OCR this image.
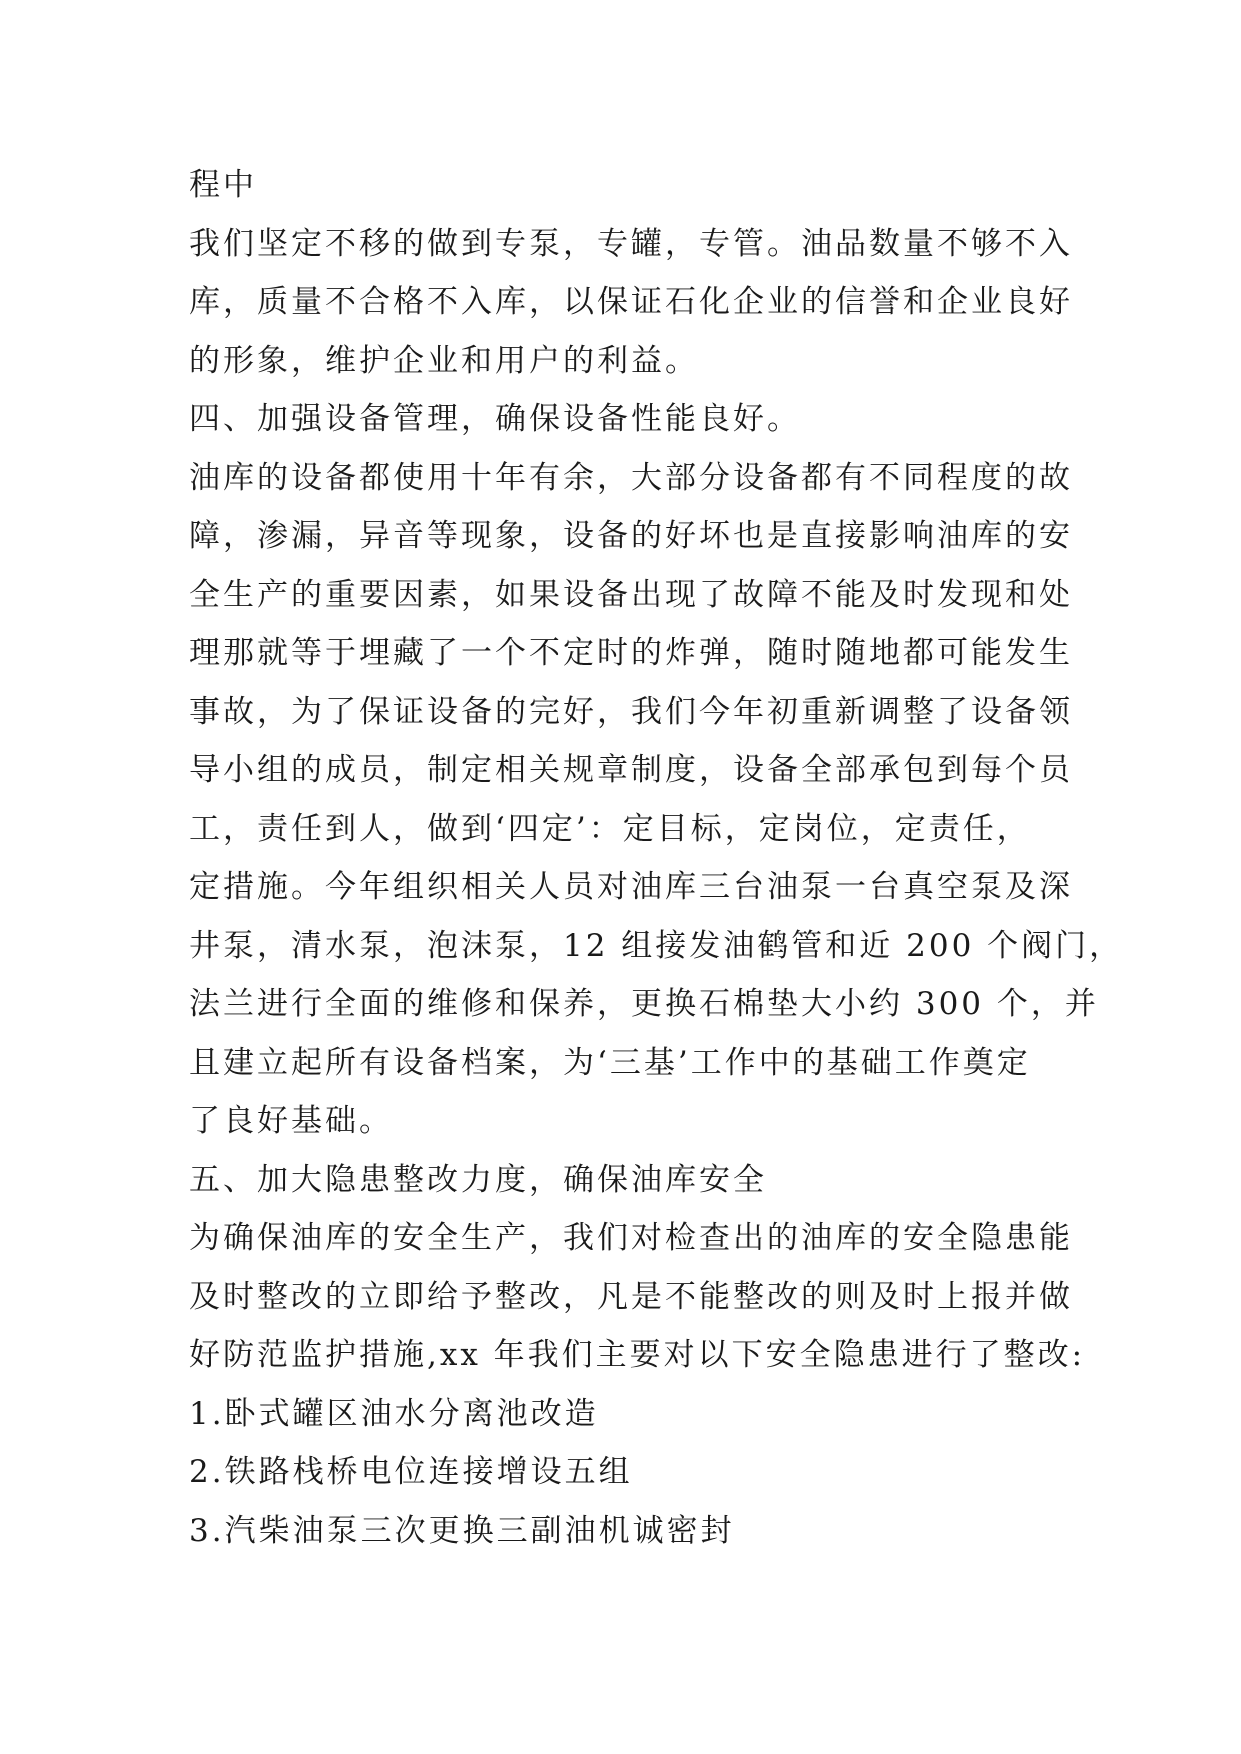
程中
我们坚定不移的做到专泵，专罐，专管。油品数量不够不入
库，质量不合格不入库，以保证石化企业的信誉和企业良好
的形象，维护企业和用户的利益。
四、加强设备管理，确保设备性能良好。
油库的设备都使用十年有余，大部分设备都有不同程度的故
障，渗漏，异音等现象，设备的好坏也是直接影响油库的安
全生产的重要因素，如果设备出现了故障不能及时发现和处
理那就等于埋藏了一个不定时的炸弹，随时随地都可能发生
事故，为了保证设备的完好，我们今年初重新调整了设备领
导小组的成员，制定相关规章制度，设备全部承包到每个员
工，责任到人，做到‘四定’：定目标，定岗位，定责任，
定措施。今年组织相关人员对油库三台油泵一台真空泵及深
井泵，清水泵，泡沫泵，12 组接发油鹤管和近 200 个阀门，
法兰进行全面的维修和保养，更换石棉垫大小约 300 个，并
且建立起所有设备档案，为‘三基’工作中的基础工作奠定
了良好基础。
五、加大隐患整改力度，确保油库安全
为确保油库的安全生产，我们对检查出的油库的安全隐患能
及时整改的立即给予整改，凡是不能整改的则及时上报并做
好防范监护措施,xx 年我们主要对以下安全隐患进行了整改:
1.卧式罐区油水分离池改造
2.铁路栈桥电位连接增设五组
3.汽柴油泵三次更换三副油机诚密封
